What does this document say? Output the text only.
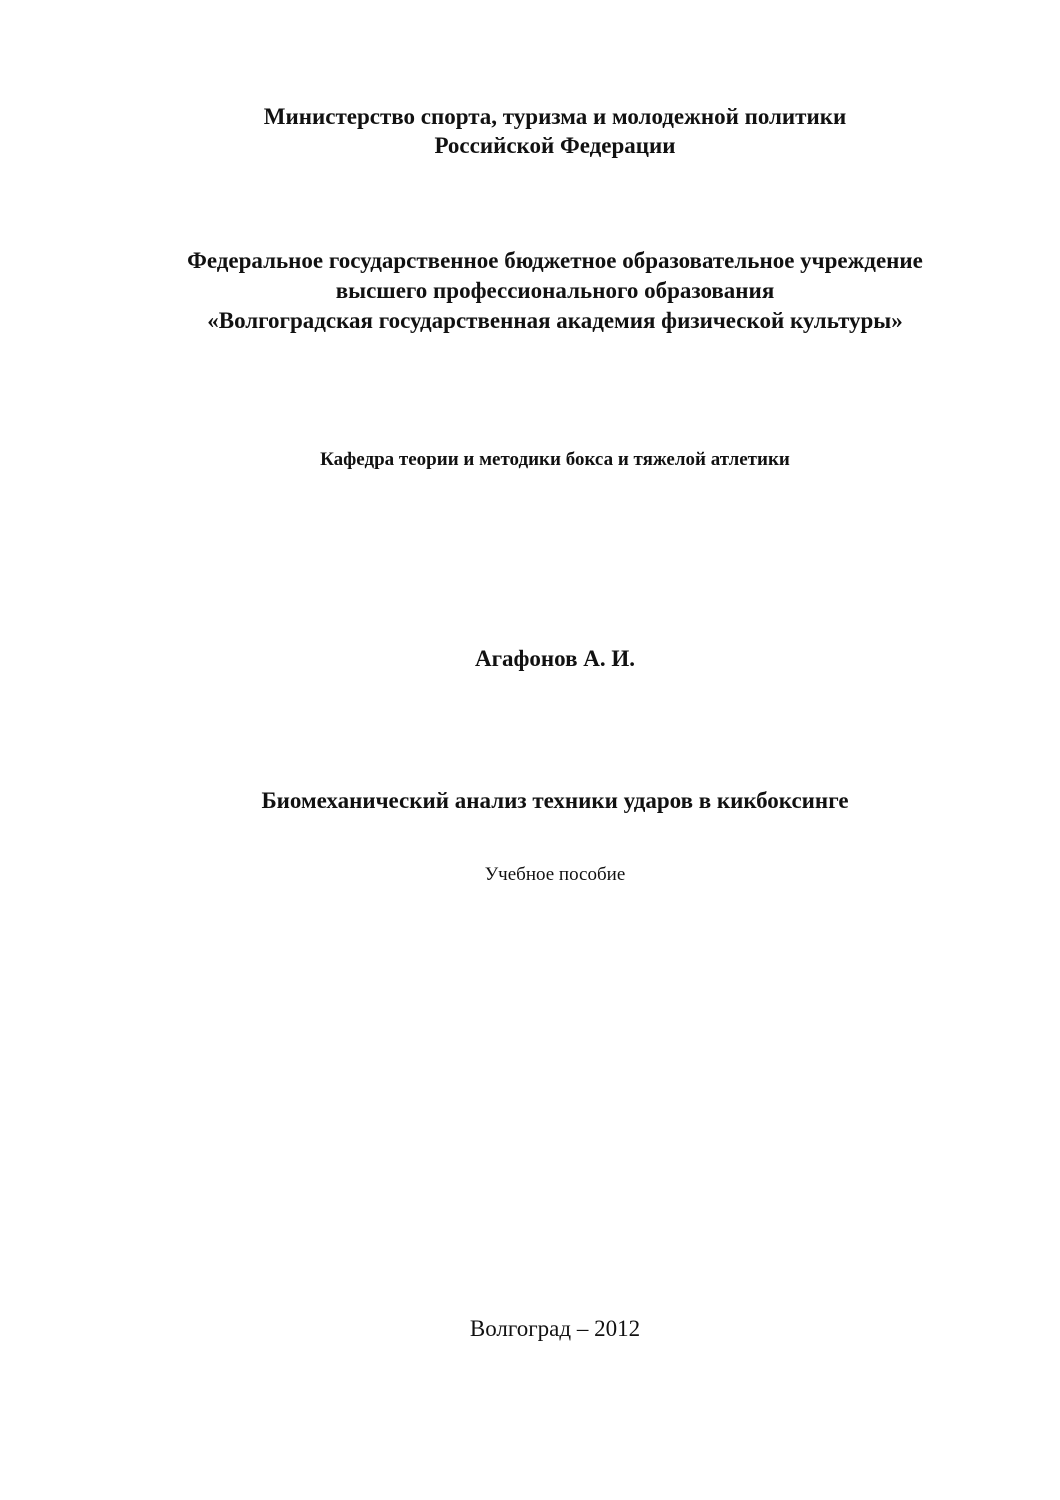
Министерство спорта, туризма и молодежной политики
Российской Федерации
Федеральное государственное бюджетное образовательное учреждение
высшего профессионального образования
«Волгоградская государственная академия физической культуры»
Кафедра теории и методики бокса и тяжелой атлетики
Агафонов А. И.
Биомеханический анализ техники ударов в кикбоксинге
Учебное пособие
Волгоград – 2012
